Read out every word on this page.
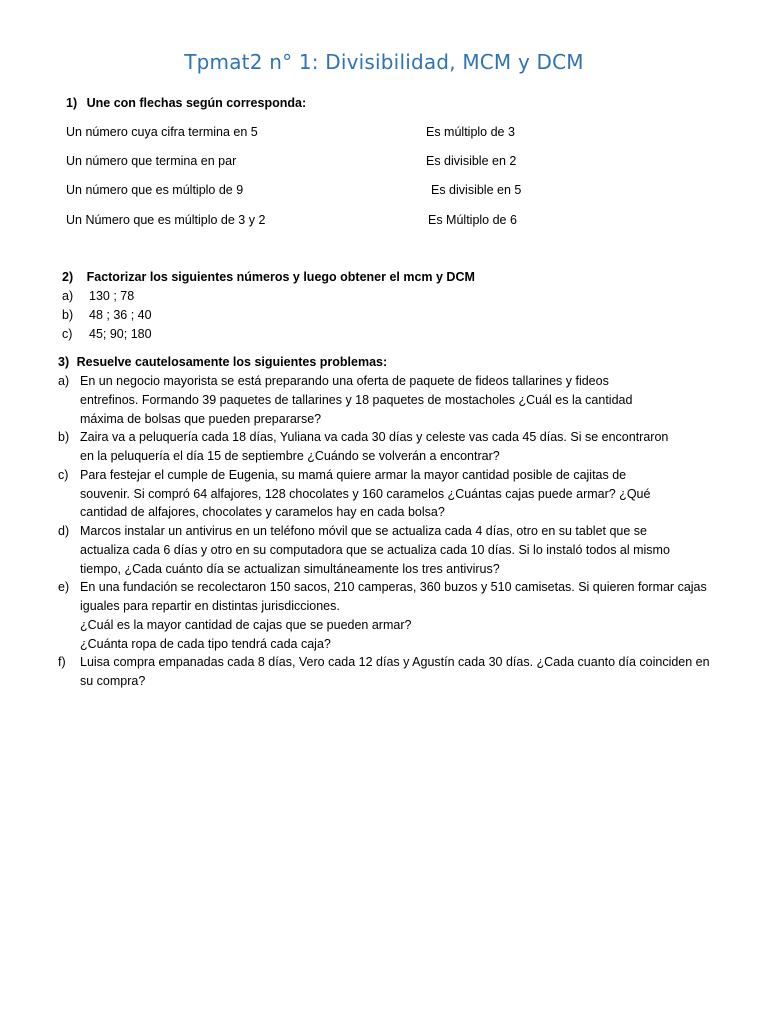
Tpmat2 n° 1: Divisibilidad, MCM y DCM
1) Une con flechas según corresponda:
Un número cuya cifra termina en 5
Un número que termina en par
Un número que es múltiplo de 9
Un Número que es múltiplo de 3 y 2
Es múltiplo de 3
Es divisible en 2
Es divisible en 5
Es Múltiplo de 6
2) Factorizar los siguientes números y luego obtener el mcm y DCM
a) 130 ; 78
b) 48 ; 36 ; 40
c) 45; 90; 180
3) Resuelve cautelosamente los siguientes problemas:
a) En un negocio mayorista se está preparando una oferta de paquete de fideos tallarines y fideos
entrefinos. Formando 39 paquetes de tallarines y 18 paquetes de mostacholes ¿Cuál es la cantidad
máxima de bolsas que pueden prepararse?
b) Zaira va a peluquería cada 18 días, Yuliana va cada 30 días y celeste vas cada 45 días. Si se encontraron
en la peluquería el día 15 de septiembre ¿Cuándo se volverán a encontrar?
c) Para festejar el cumple de Eugenia, su mamá quiere armar la mayor cantidad posible de cajitas de
souvenir. Si compró 64 alfajores, 128 chocolates y 160 caramelos ¿Cuántas cajas puede armar? ¿Qué
cantidad de alfajores, chocolates y caramelos hay en cada bolsa?
d) Marcos instalar un antivirus en un teléfono móvil que se actualiza cada 4 días, otro en su tablet que se
actualiza cada 6 días y otro en su computadora que se actualiza cada 10 días. Si lo instaló todos al mismo
tiempo, ¿Cada cuánto día se actualizan simultáneamente los tres antivirus?
e) En una fundación se recolectaron 150 sacos, 210 camperas, 360 buzos y 510 camisetas. Si quieren formar cajas
iguales para repartir en distintas jurisdicciones.
¿Cuál es la mayor cantidad de cajas que se pueden armar?
¿Cuánta ropa de cada tipo tendrá cada caja?
f) Luisa compra empanadas cada 8 días, Vero cada 12 días y Agustín cada 30 días. ¿Cada cuanto día coinciden en
su compra?
